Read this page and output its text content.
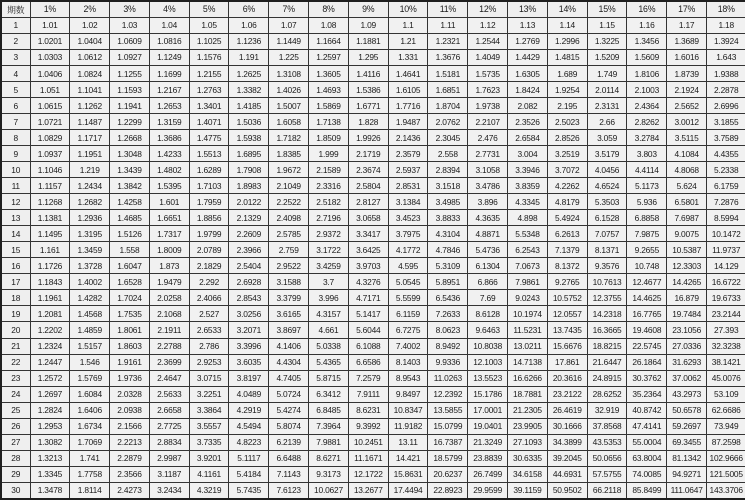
期数	1%	2%	3%	4%	5%	6%	7%	8%	9%	10%	11%	12%	13%	14%	15%	16%	17%	18%
1	1.01	1.02	1.03	1.04	1.05	1.06	1.07	1.08	1.09	1.1	1.11	1.12	1.13	1.14	1.15	1.16	1.17	1.18
2	1.0201	1.0404	1.0609	1.0816	1.1025	1.1236	1.1449	1.1664	1.1881	1.21	1.2321	1.2544	1.2769	1.2996	1.3225	1.3456	1.3689	1.3924
3	1.0303	1.0612	1.0927	1.1249	1.1576	1.191	1.225	1.2597	1.295	1.331	1.3676	1.4049	1.4429	1.4815	1.5209	1.5609	1.6016	1.643
4	1.0406	1.0824	1.1255	1.1699	1.2155	1.2625	1.3108	1.3605	1.4116	1.4641	1.5181	1.5735	1.6305	1.689	1.749	1.8106	1.8739	1.9388
5	1.051	1.1041	1.1593	1.2167	1.2763	1.3382	1.4026	1.4693	1.5386	1.6105	1.6851	1.7623	1.8424	1.9254	2.0114	2.1003	2.1924	2.2878
6	1.0615	1.1262	1.1941	1.2653	1.3401	1.4185	1.5007	1.5869	1.6771	1.7716	1.8704	1.9738	2.082	2.195	2.3131	2.4364	2.5652	2.6996
7	1.0721	1.1487	1.2299	1.3159	1.4071	1.5036	1.6058	1.7138	1.828	1.9487	2.0762	2.2107	2.3526	2.5023	2.66	2.8262	3.0012	3.1855
8	1.0829	1.1717	1.2668	1.3686	1.4775	1.5938	1.7182	1.8509	1.9926	2.1436	2.3045	2.476	2.6584	2.8526	3.059	3.2784	3.5115	3.7589
9	1.0937	1.1951	1.3048	1.4233	1.5513	1.6895	1.8385	1.999	2.1719	2.3579	2.558	2.7731	3.004	3.2519	3.5179	3.803	4.1084	4.4355
10	1.1046	1.219	1.3439	1.4802	1.6289	1.7908	1.9672	2.1589	2.3674	2.5937	2.8394	3.1058	3.3946	3.7072	4.0456	4.4114	4.8068	5.2338
11	1.1157	1.2434	1.3842	1.5395	1.7103	1.8983	2.1049	2.3316	2.5804	2.8531	3.1518	3.4786	3.8359	4.2262	4.6524	5.1173	5.624	6.1759
12	1.1268	1.2682	1.4258	1.601	1.7959	2.0122	2.2522	2.5182	2.8127	3.1384	3.4985	3.896	4.3345	4.8179	5.3503	5.936	6.5801	7.2876
13	1.1381	1.2936	1.4685	1.6651	1.8856	2.1329	2.4098	2.7196	3.0658	3.4523	3.8833	4.3635	4.898	5.4924	6.1528	6.8858	7.6987	8.5994
14	1.1495	1.3195	1.5126	1.7317	1.9799	2.2609	2.5785	2.9372	3.3417	3.7975	4.3104	4.8871	5.5348	6.2613	7.0757	7.9875	9.0075	10.1472
15	1.161	1.3459	1.558	1.8009	2.0789	2.3966	2.759	3.1722	3.6425	4.1772	4.7846	5.4736	6.2543	7.1379	8.1371	9.2655	10.5387	11.9737
16	1.1726	1.3728	1.6047	1.873	2.1829	2.5404	2.9522	3.4259	3.9703	4.595	5.3109	6.1304	7.0673	8.1372	9.3576	10.748	12.3303	14.129
17	1.1843	1.4002	1.6528	1.9479	2.292	2.6928	3.1588	3.7	4.3276	5.0545	5.8951	6.866	7.9861	9.2765	10.7613	12.4677	14.4265	16.6722
18	1.1961	1.4282	1.7024	2.0258	2.4066	2.8543	3.3799	3.996	4.7171	5.5599	6.5436	7.69	9.0243	10.5752	12.3755	14.4625	16.879	19.6733
19	1.2081	1.4568	1.7535	2.1068	2.527	3.0256	3.6165	4.3157	5.1417	6.1159	7.2633	8.6128	10.1974	12.0557	14.2318	16.7765	19.7484	23.2144
20	1.2202	1.4859	1.8061	2.1911	2.6533	3.2071	3.8697	4.661	5.6044	6.7275	8.0623	9.6463	11.5231	13.7435	16.3665	19.4608	23.1056	27.393
21	1.2324	1.5157	1.8603	2.2788	2.786	3.3996	4.1406	5.0338	6.1088	7.4002	8.9492	10.8038	13.0211	15.6676	18.8215	22.5745	27.0336	32.3238
22	1.2447	1.546	1.9161	2.3699	2.9253	3.6035	4.4304	5.4365	6.6586	8.1403	9.9336	12.1003	14.7138	17.861	21.6447	26.1864	31.6293	38.1421
23	1.2572	1.5769	1.9736	2.4647	3.0715	3.8197	4.7405	5.8715	7.2579	8.9543	11.0263	13.5523	16.6266	20.3616	24.8915	30.3762	37.0062	45.0076
24	1.2697	1.6084	2.0328	2.5633	3.2251	4.0489	5.0724	6.3412	7.9111	9.8497	12.2392	15.1786	18.7881	23.2122	28.6252	35.2364	43.2973	53.109
25	1.2824	1.6406	2.0938	2.6658	3.3864	4.2919	5.4274	6.8485	8.6231	10.8347	13.5855	17.0001	21.2305	26.4619	32.919	40.8742	50.6578	62.6686
26	1.2953	1.6734	2.1566	2.7725	3.5557	4.5494	5.8074	7.3964	9.3992	11.9182	15.0799	19.0401	23.9905	30.1666	37.8568	47.4141	59.2697	73.949
27	1.3082	1.7069	2.2213	2.8834	3.7335	4.8223	6.2139	7.9881	10.2451	13.11	16.7387	21.3249	27.1093	34.3899	43.5353	55.0004	69.3455	87.2598
28	1.3213	1.741	2.2879	2.9987	3.9201	5.1117	6.6488	8.6271	11.1671	14.421	18.5799	23.8839	30.6335	39.2045	50.0656	63.8004	81.1342	102.9666
29	1.3345	1.7758	2.3566	3.1187	4.1161	5.4184	7.1143	9.3173	12.1722	15.8631	20.6237	26.7499	34.6158	44.6931	57.5755	74.0085	94.9271	121.5005
30	1.3478	1.8114	2.4273	3.2434	4.3219	5.7435	7.6123	10.0627	13.2677	17.4494	22.8923	29.9599	39.1159	50.9502	66.2118	85.8499	111.0647	143.3706
